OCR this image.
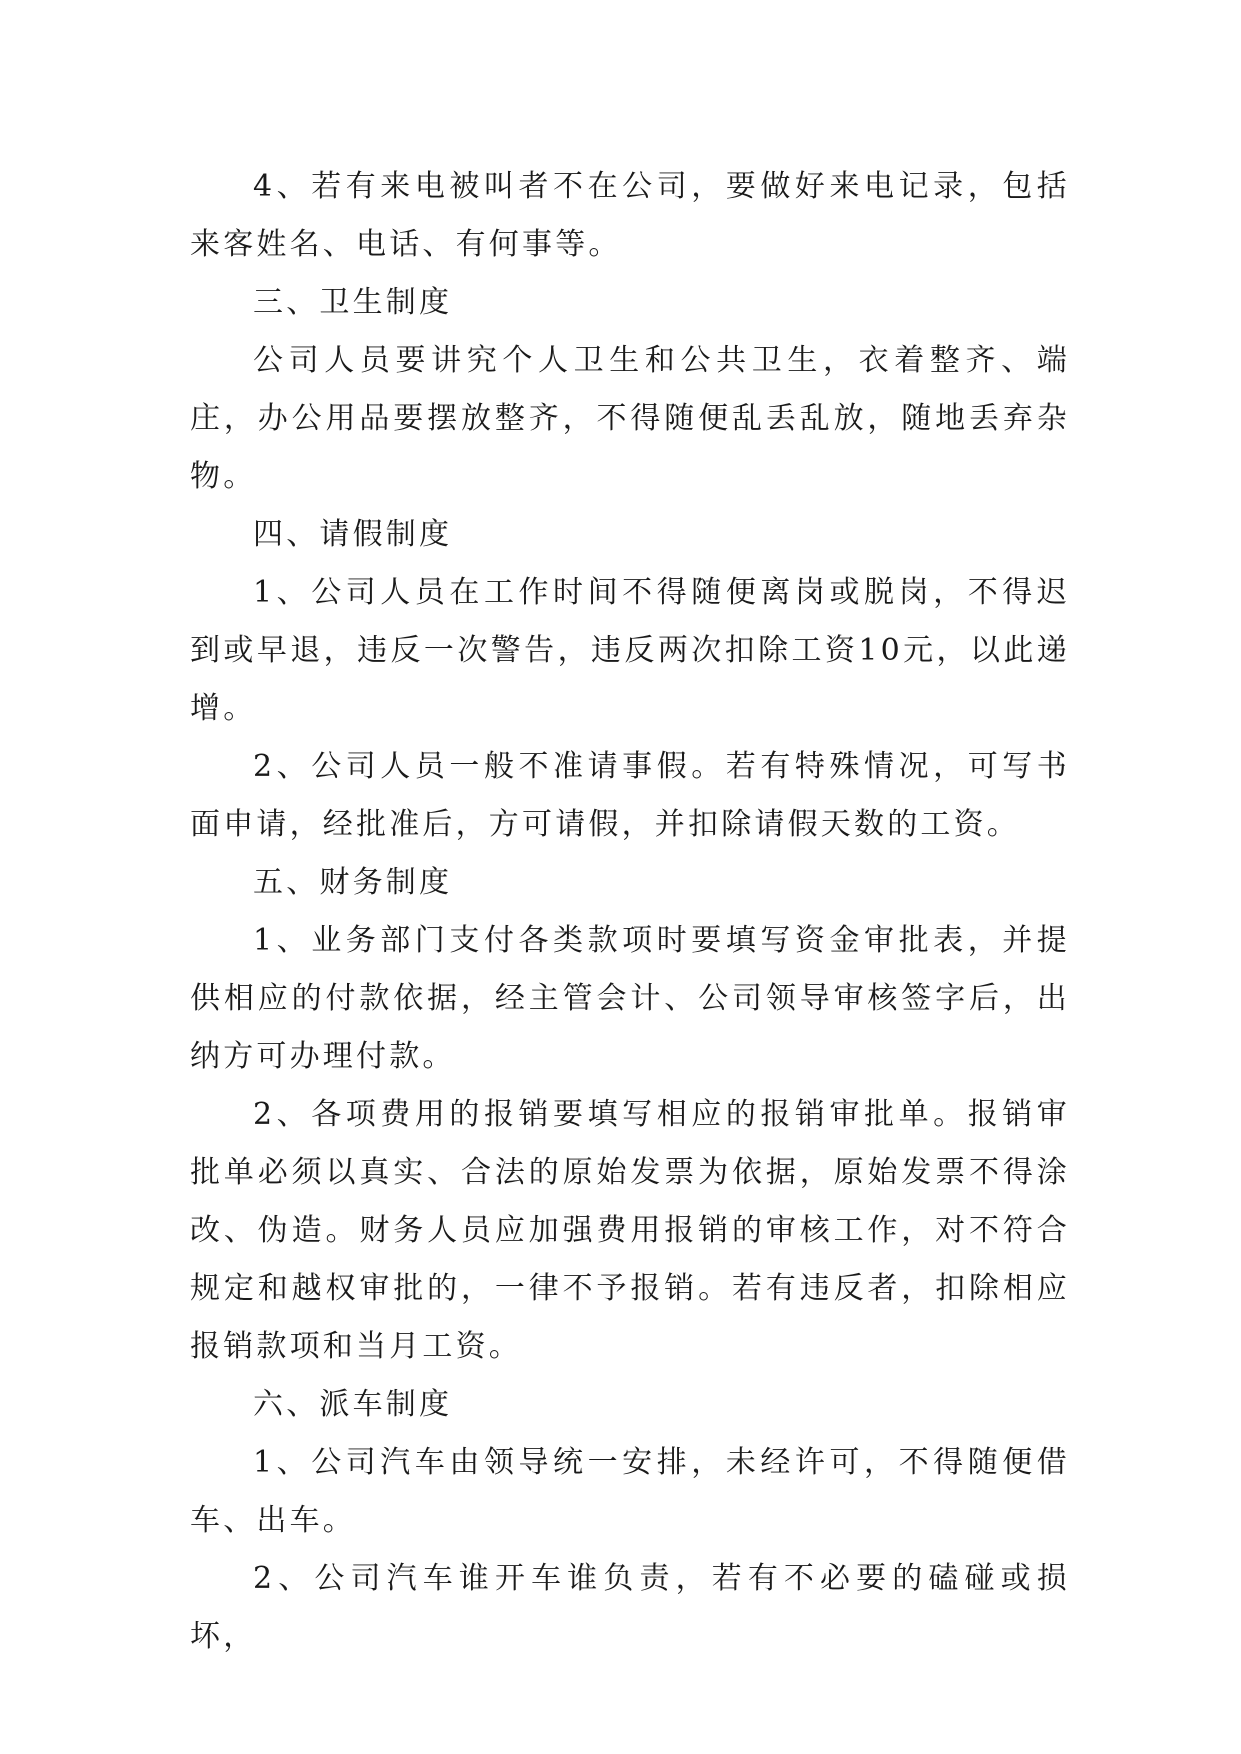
4、若有来电被叫者不在公司，要做好来电记录，包括来客姓名、电话、有何事等。

三、卫生制度

公司人员要讲究个人卫生和公共卫生，衣着整齐、端庄，办公用品要摆放整齐，不得随便乱丢乱放，随地丢弃杂物。

四、请假制度

1、公司人员在工作时间不得随便离岗或脱岗，不得迟到或早退，违反一次警告，违反两次扣除工资10元，以此递增。

2、公司人员一般不准请事假。若有特殊情况，可写书面申请，经批准后，方可请假，并扣除请假天数的工资。

五、财务制度

1、业务部门支付各类款项时要填写资金审批表，并提供相应的付款依据，经主管会计、公司领导审核签字后，出纳方可办理付款。

2、各项费用的报销要填写相应的报销审批单。报销审批单必须以真实、合法的原始发票为依据，原始发票不得涂改、伪造。财务人员应加强费用报销的审核工作，对不符合规定和越权审批的，一律不予报销。若有违反者，扣除相应报销款项和当月工资。

六、派车制度

1、公司汽车由领导统一安排，未经许可，不得随便借车、出车。

2、公司汽车谁开车谁负责，若有不必要的磕碰或损坏，
